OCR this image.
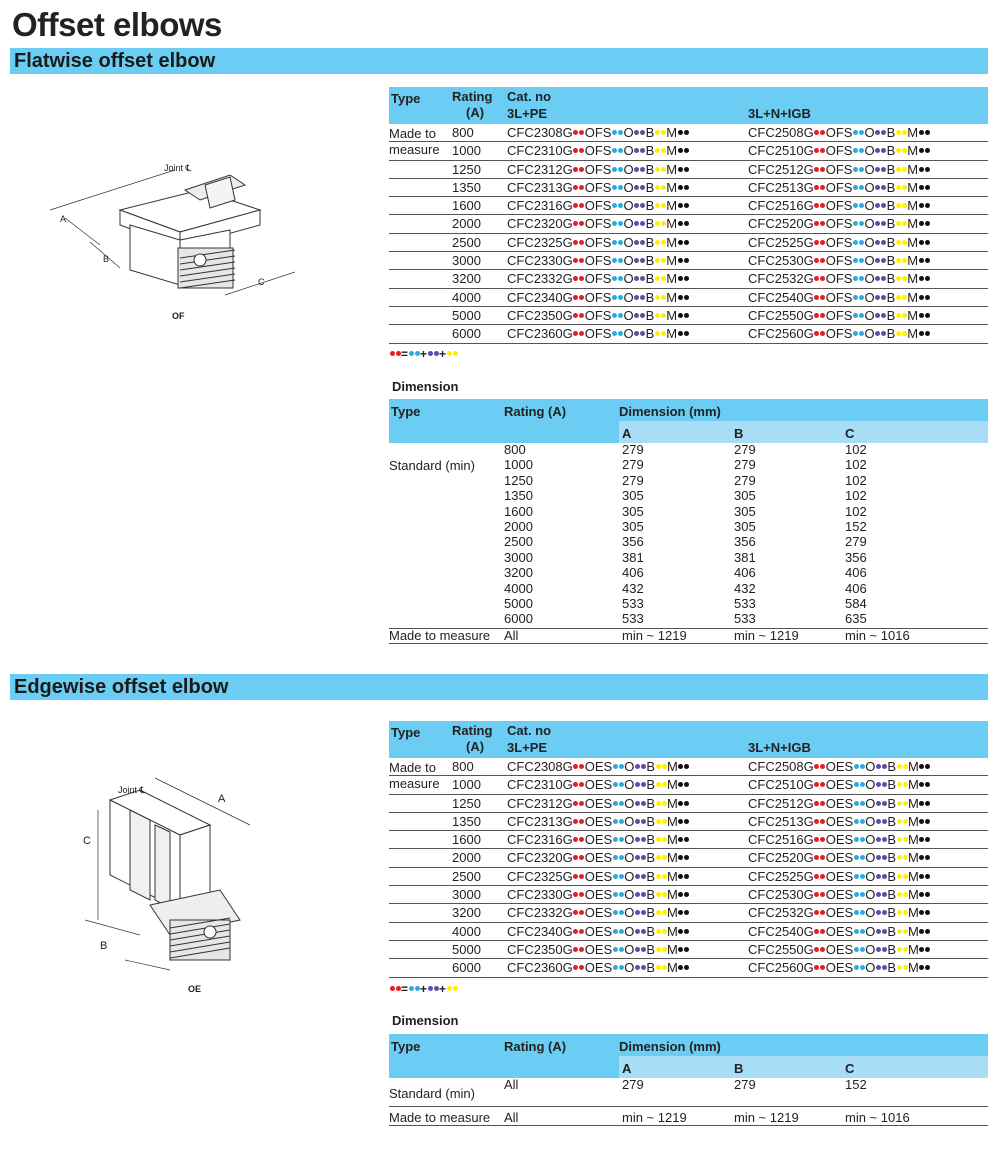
Offset elbows
Flatwise offset elbow
Joint ℄
A
B
C
OF
Type Rating
(A)
Cat. no
3L+PE	3L+N+IGB
800	CFC2308G OFS O B M	CFC2508G OFS O B M
1000 CFC2310G OFS O B M	CFC2510G OFS O B M
1250 CFC2312G OFS O B M	CFC2512G OFS O B M
1350 CFC2313G OFS O B M	CFC2513G OFS O B M
1600 CFC2316G OFS O B M	CFC2516G OFS O B M
2000 CFC2320G OFS O B M	CFC2520G OFS O B M
2500 CFC2325G OFS O B M	CFC2525G OFS O B M
3000 CFC2330G OFS O B M	CFC2530G OFS O B M
3200 CFC2332G OFS O B M	CFC2532G OFS O B M
4000 CFC2340G OFS O B M	CFC2540G OFS O B M
5000 CFC2350G OFS O B M	CFC2550G OFS O B M
6000 CFC2360G OFS O B M	CFC2560G OFS O B M
Made to
measure
= + +
Dimension
Type	Rating (A)	Dimension (mm)
A	B	C
800	279	279	102
1000	279	279	102
1250	279	279	102
1350	305	305	102
1600	305	305	102
2000	305	305	152
2500	356	356	279
3000	381	381	356
3200	406	406	406
4000	432	432	406
5000	533	533	584
6000	533	533	635
Standard (min)
Made to measure All	min ~ 1219	min ~ 1219	min ~ 1016
Edgewise offset elbow
Joint ℄
A
C
B
OE
Type Rating
(A)
Cat. no
3L+PE	3L+N+IGB
800	CFC2308G OES O B M	CFC2508G OES O B M
1000 CFC2310G OES O B M	CFC2510G OES O B M
1250 CFC2312G OES O B M	CFC2512G OES O B M
1350 CFC2313G OES O B M	CFC2513G OES O B M
1600 CFC2316G OES O B M	CFC2516G OES O B M
2000 CFC2320G OES O B M	CFC2520G OES O B M
2500 CFC2325G OES O B M	CFC2525G OES O B M
3000 CFC2330G OES O B M	CFC2530G OES O B M
3200 CFC2332G OES O B M	CFC2532G OES O B M
4000 CFC2340G OES O B M	CFC2540G OES O B M
5000 CFC2350G OES O B M	CFC2550G OES O B M
6000 CFC2360G OES O B M	CFC2560G OES O B M
Made to
measure
= + +
Dimension
Type	Rating (A)	Dimension (mm)
A	B	C
Standard (min)
All	279	279	152
Made to measure All	min ~ 1219	min ~ 1219	min ~ 1016
